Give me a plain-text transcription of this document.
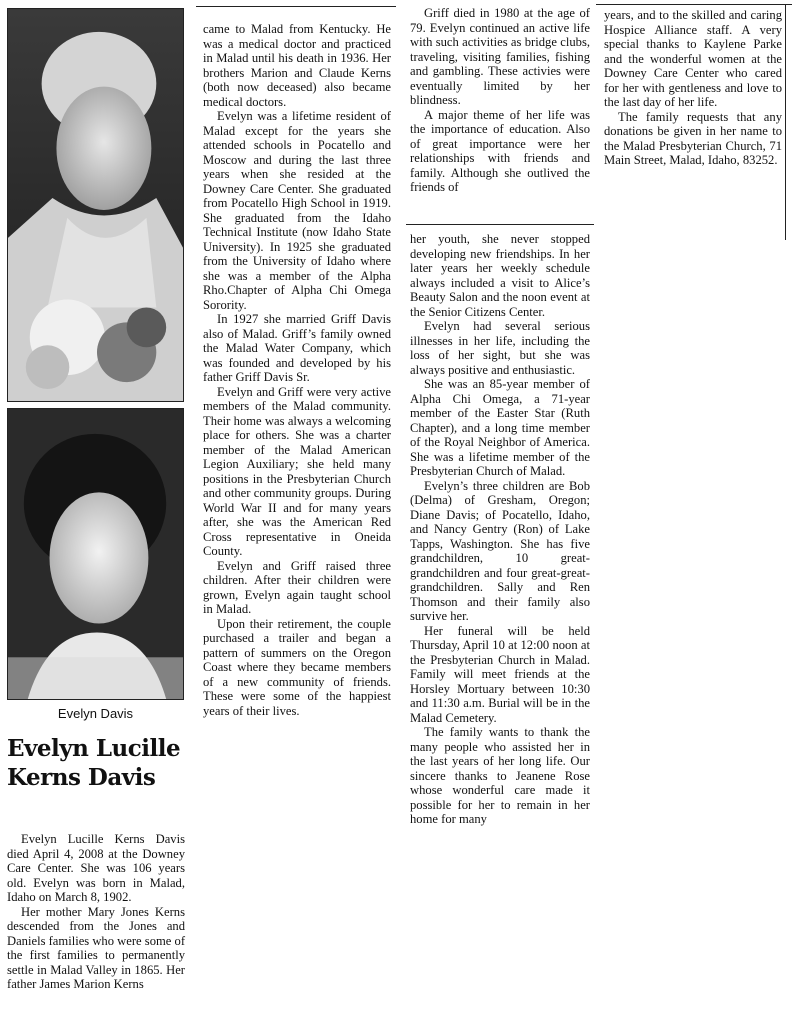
Evelyn Davis
Evelyn Lucille
Kerns Davis

Evelyn Lucille Kerns Davis died April 4, 2008 at the Downey Care Center. She was 106 years old. Evelyn was born in Malad, Idaho on March 8, 1902.

Her mother Mary Jones Kerns descended from the Jones and Daniels families who were some of the first families to permanently settle in Malad Valley in 1865. Her father James Marion Kerns

came to Malad from Kentucky. He was a medical doctor and practiced in Malad until his death in 1936. Her brothers Marion and Claude Kerns (both now deceased) also became medical doctors.

Evelyn was a lifetime resident of Malad except for the years she attended schools in Pocatello and Moscow and during the last three years when she resided at the Downey Care Center. She graduated from Pocatello High School in 1919. She graduated from the Idaho Technical Institute (now Idaho State University). In 1925 she graduated from the University of Idaho where she was a member of the Alpha Rho.Chapter of Alpha Chi Omega Sorority.

In 1927 she married Griff Davis also of Malad. Griff’s family owned the Malad Water Company, which was founded and developed by his father Griff Davis Sr.

Evelyn and Griff were very active members of the Malad community. Their home was always a welcoming place for others. She was a charter member of the Malad American Legion Auxiliary; she held many positions in the Presbyterian Church and other community groups. During World War II and for many years after, she was the American Red Cross representative in Oneida County.

Evelyn and Griff raised three children. After their children were grown, Evelyn again taught school in Malad.

Upon their retirement, the couple purchased a trailer and began a pattern of summers on the Oregon Coast where they became members of a new community of friends. These were some of the happiest years of their lives.

Griff died in 1980 at the age of 79. Evelyn continued an active life with such activities as bridge clubs, traveling, visiting families, fishing and gambling. These activies were eventually limited by her blindness.

A major theme of her life was the importance of education. Also of great importance were her relationships with friends and family. Although she outlived the friends of

her youth, she never stopped developing new friendships. In her later years her weekly schedule always included a visit to Alice’s Beauty Salon and the noon event at the Senior Citizens Center.

Evelyn had several serious illnesses in her life, including the loss of her sight, but she was always positive and enthusiastic.

She was an 85-year member of Alpha Chi Omega, a 71-year member of the Easter Star (Ruth Chapter), and a long time member of the Royal Neighbor of America. She was a lifetime member of the Presbyterian Church of Malad.

Evelyn’s three children are Bob (Delma) of Gresham, Oregon; Diane Davis; of Pocatello, Idaho, and Nancy Gentry (Ron) of Lake Tapps, Washington. She has five grandchildren, 10 great-grandchildren and four great-great-grandchildren. Sally and Ren Thomson and their family also survive her.

Her funeral will be held Thursday, April 10 at 12:00 noon at the Presbyterian Church in Malad. Family will meet friends at the Horsley Mortuary between 10:30 and 11:30 a.m. Burial will be in the Malad Cemetery.

The family wants to thank the many people who assisted her in the last years of her long life. Our sincere thanks to Jeanene Rose whose wonderful care made it possible for her to remain in her home for many

years, and to the skilled and caring Hospice Alliance staff. A very special thanks to Kaylene Parke and the wonderful women at the Downey Care Center who cared for her with gentleness and love to the last day of her life.

The family requests that any donations be given in her name to the Malad Presbyterian Church, 71 Main Street, Malad, Idaho, 83252.
